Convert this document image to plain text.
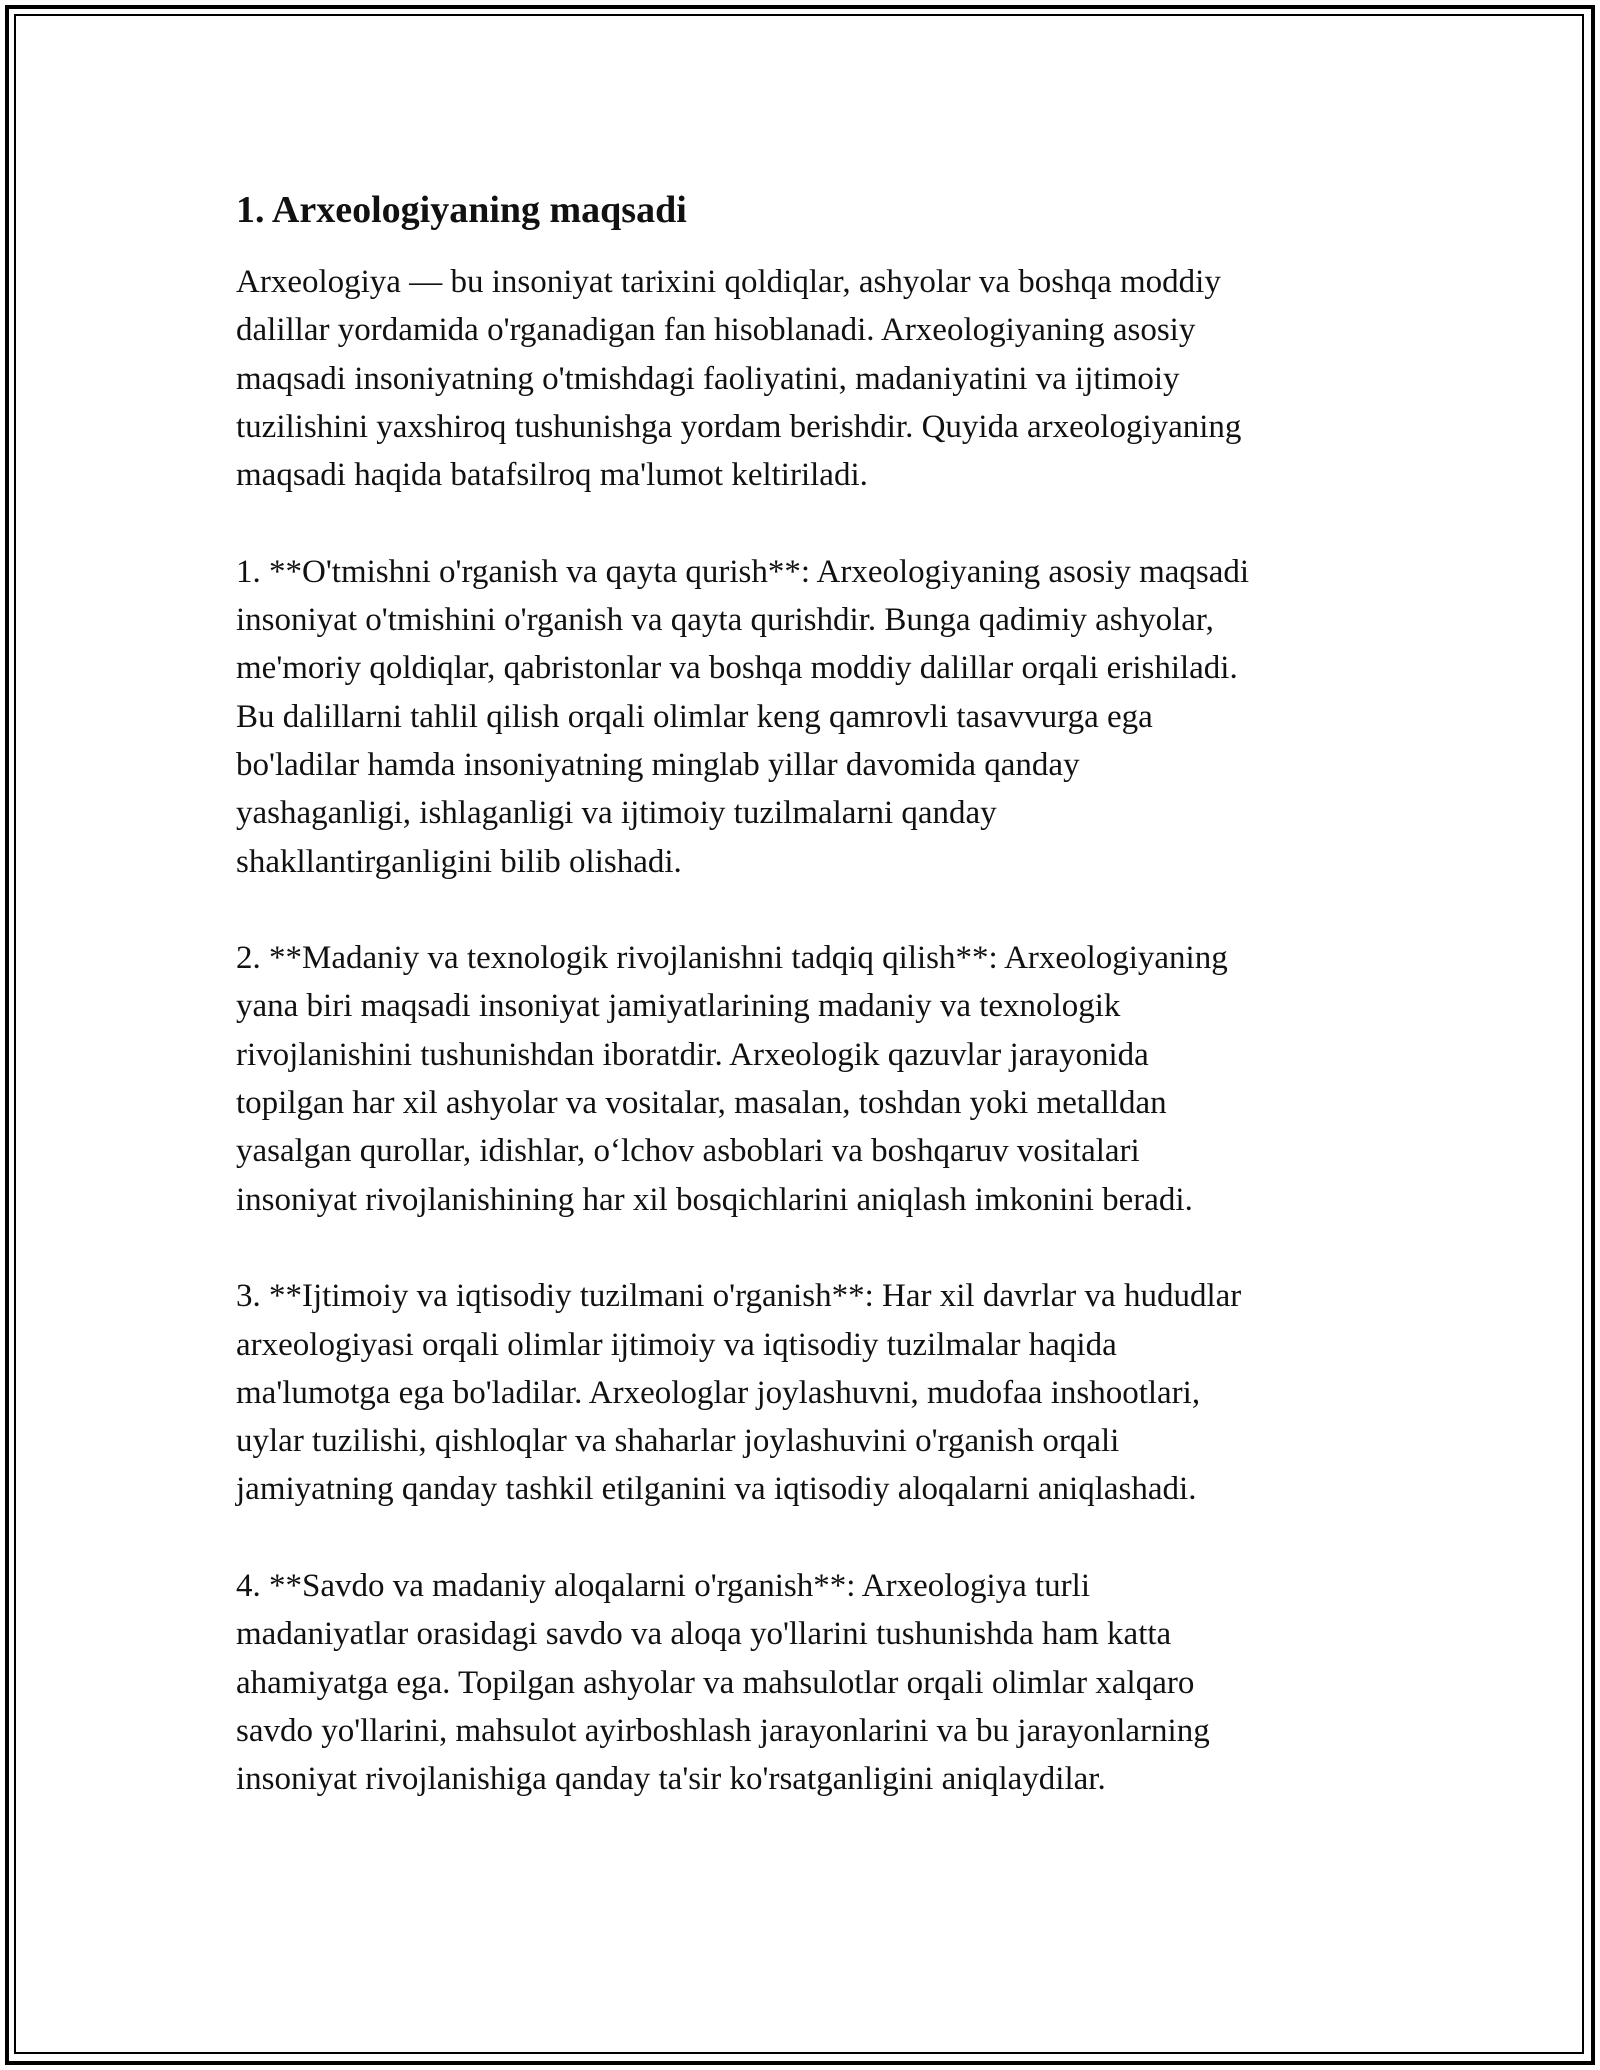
1. Arxeologiyaning maqsadi

Arxeologiya — bu insoniyat tarixini qoldiqlar, ashyolar va boshqa moddiy
dalillar yordamida o'rganadigan fan hisoblanadi. Arxeologiyaning asosiy
maqsadi insoniyatning o'tmishdagi faoliyatini, madaniyatini va ijtimoiy
tuzilishini yaxshiroq tushunishga yordam berishdir. Quyida arxeologiyaning
maqsadi haqida batafsilroq ma'lumot keltiriladi.

1. **O'tmishni o'rganish va qayta qurish**: Arxeologiyaning asosiy maqsadi
insoniyat o'tmishini o'rganish va qayta qurishdir. Bunga qadimiy ashyolar,
me'moriy qoldiqlar, qabristonlar va boshqa moddiy dalillar orqali erishiladi.
Bu dalillarni tahlil qilish orqali olimlar keng qamrovli tasavvurga ega
bo'ladilar hamda insoniyatning minglab yillar davomida qanday
yashaganligi, ishlaganligi va ijtimoiy tuzilmalarni qanday
shakllantirganligini bilib olishadi.

2. **Madaniy va texnologik rivojlanishni tadqiq qilish**: Arxeologiyaning
yana biri maqsadi insoniyat jamiyatlarining madaniy va texnologik
rivojlanishini tushunishdan iboratdir. Arxeologik qazuvlar jarayonida
topilgan har xil ashyolar va vositalar, masalan, toshdan yoki metalldan
yasalgan qurollar, idishlar, o‘lchov asboblari va boshqaruv vositalari
insoniyat rivojlanishining har xil bosqichlarini aniqlash imkonini beradi.

3. **Ijtimoiy va iqtisodiy tuzilmani o'rganish**: Har xil davrlar va hududlar
arxeologiyasi orqali olimlar ijtimoiy va iqtisodiy tuzilmalar haqida
ma'lumotga ega bo'ladilar. Arxeologlar joylashuvni, mudofaa inshootlari,
uylar tuzilishi, qishloqlar va shaharlar joylashuvini o'rganish orqali
jamiyatning qanday tashkil etilganini va iqtisodiy aloqalarni aniqlashadi.

4. **Savdo va madaniy aloqalarni o'rganish**: Arxeologiya turli
madaniyatlar orasidagi savdo va aloqa yo'llarini tushunishda ham katta
ahamiyatga ega. Topilgan ashyolar va mahsulotlar orqali olimlar xalqaro
savdo yo'llarini, mahsulot ayirboshlash jarayonlarini va bu jarayonlarning
insoniyat rivojlanishiga qanday ta'sir ko'rsatganligini aniqlaydilar.
